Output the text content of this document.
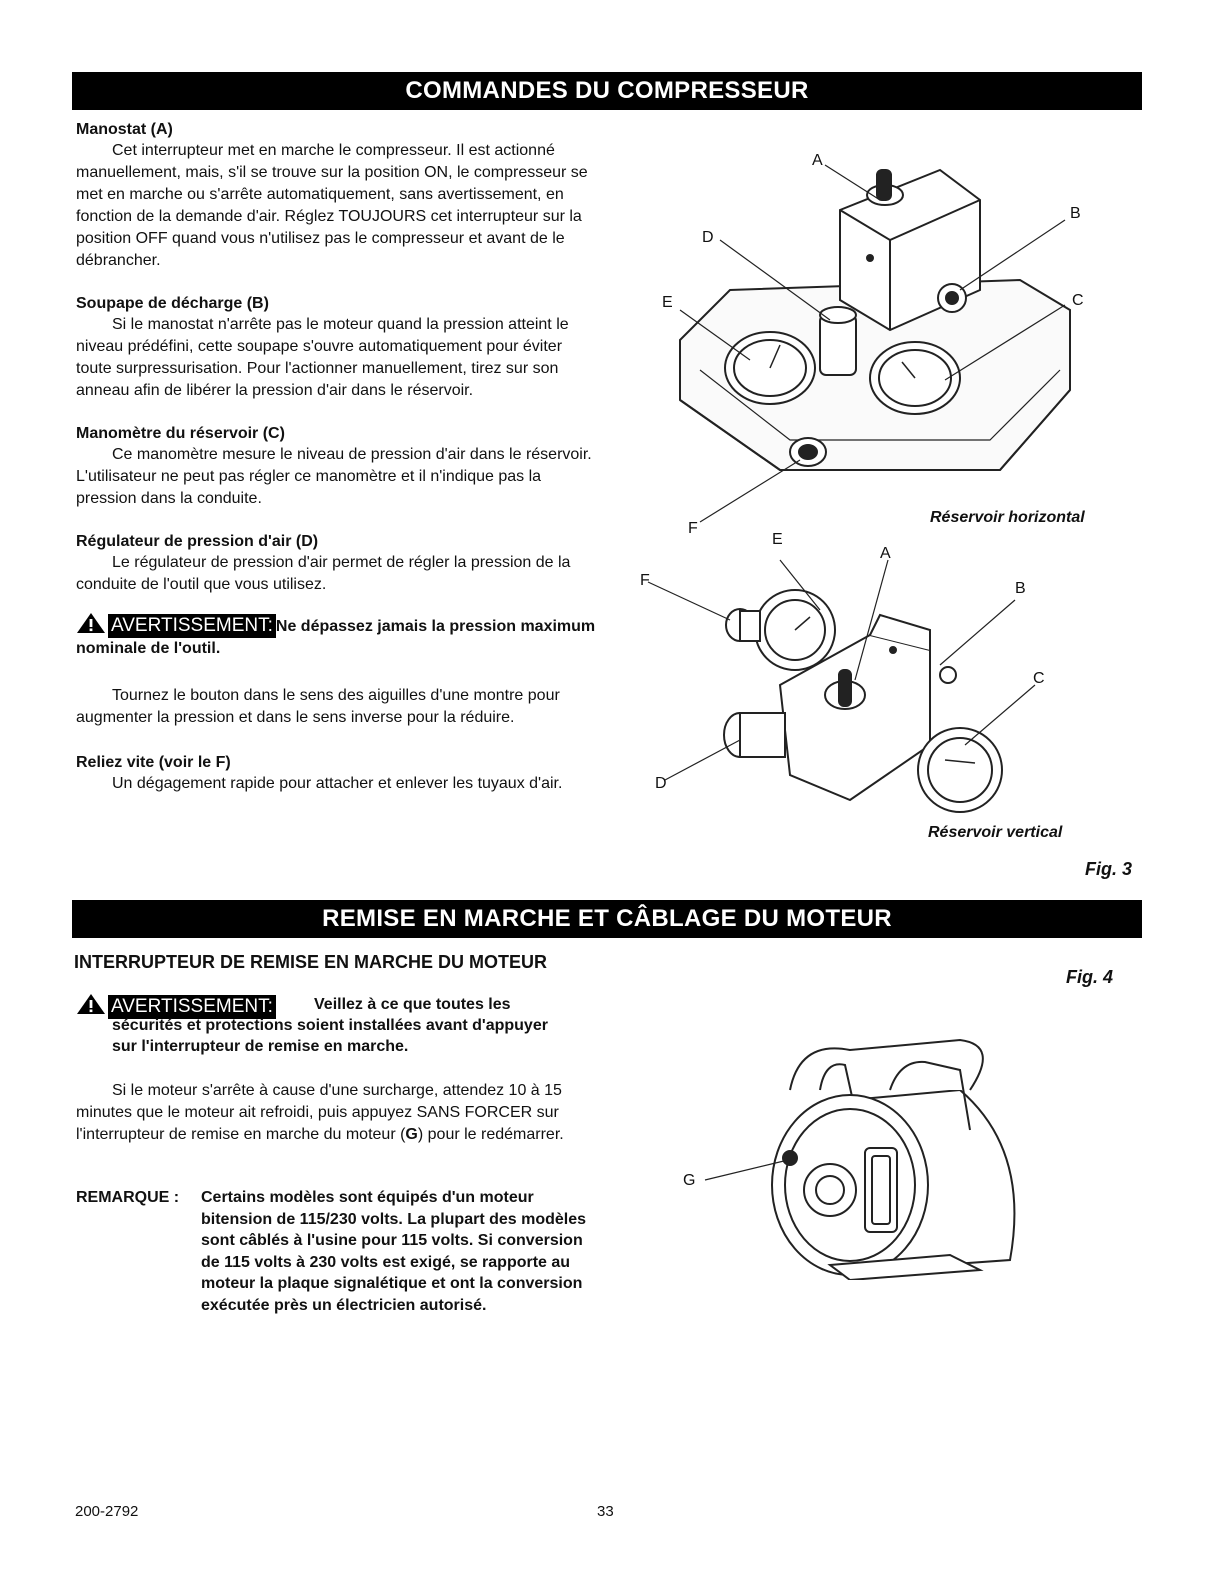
COMMANDES DU COMPRESSEUR
Manostat (A)

Cet interrupteur met en marche le compresseur. Il est actionné manuellement, mais, s'il se trouve sur la position ON, le compresseur se met en marche ou s'arrête automatiquement, sans avertissement, en fonction de la demande d'air. Réglez TOUJOURS cet interrupteur sur la position OFF quand vous n'utilisez pas le compresseur et avant de le débrancher.

Soupape de décharge (B)

Si le manostat n'arrête pas le moteur quand la pression atteint le niveau prédéfini, cette soupape s'ouvre automatiquement pour éviter toute surpressurisation. Pour l'actionner manuellement, tirez sur son anneau afin de libérer la pression d'air dans le réservoir.

Manomètre du réservoir (C)

Ce manomètre mesure le niveau de pression d'air dans le réservoir. L'utilisateur ne peut pas régler ce manomètre et il n'indique pas la pression dans la conduite.

Régulateur de pression d'air (D)

Le régulateur de pression d'air permet de régler la pression de la conduite de l'outil que vous utilisez.

AVERTISSEMENT: Ne dépassez jamais la pression maximum nominale de l'outil.

Tournez le bouton dans le sens des aiguilles d'une montre pour augmenter la pression et dans le sens inverse pour la réduire.

Reliez vite (voir le F)

Un dégagement rapide pour attacher et enlever les tuyaux d'air.

A
B
C
D
E
F
Réservoir horizontal
F
E
A
B
C
D
Réservoir vertical
Fig. 3
REMISE EN MARCHE ET CÂBLAGE DU MOTEUR
INTERRUPTEUR DE REMISE EN MARCHE DU MOTEUR
AVERTISSEMENT:	Veillez à ce que toutes les sécurités et protections soient installées avant d'appuyer sur l'interrupteur de remise en marche.

Si le moteur s'arrête à cause d'une surcharge, attendez 10 à 15 minutes que le moteur ait refroidi, puis appuyez SANS FORCER sur l'interrupteur de remise en marche du moteur (G) pour le redémarrer.

REMARQUE : Certains modèles sont équipés d'un moteur bitension de 115/230 volts. La plupart des modèles sont câblés à l'usine pour 115 volts. Si conversion de 115 volts à 230 volts est exigé, se rapporte au moteur la plaque signalétique et ont la conversion exécutée près un électricien autorisé.
Fig. 4
G
200-2792	33
